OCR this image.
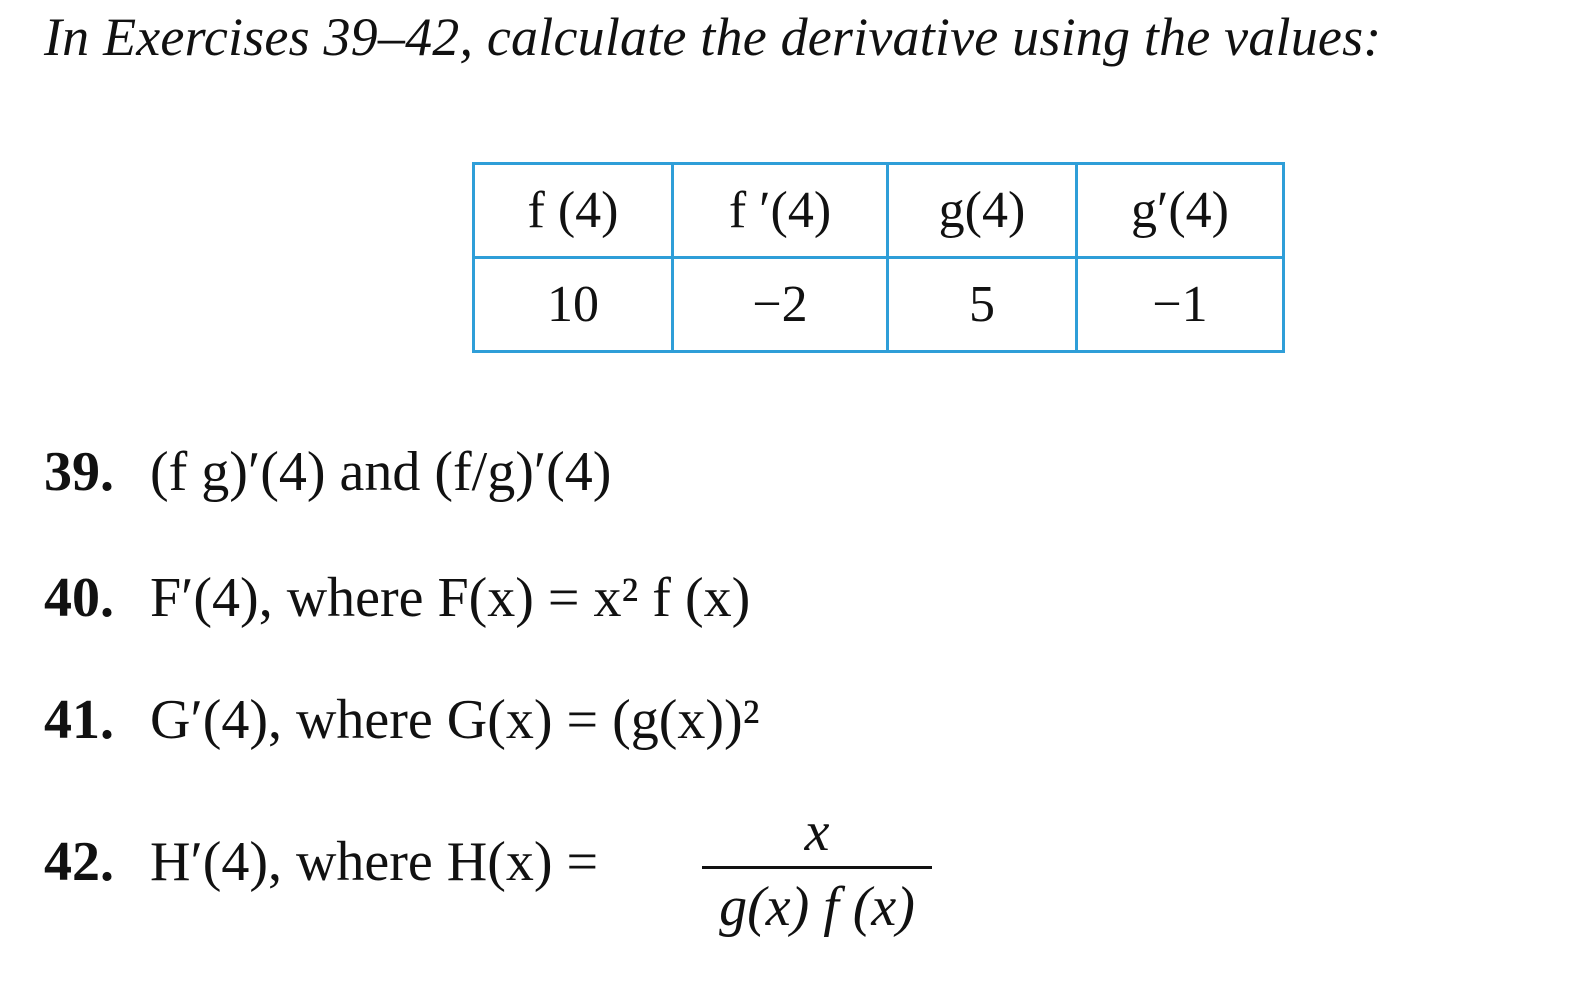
In Exercises 39–42, calculate the derivative using the values:
f (4)	f ′(4)	g(4)	g′(4)
10	−2	5	−1
39. (f g)′(4) and (f/g)′(4)
40. F′(4), where F(x) = x² f (x)
41. G′(4), where G(x) = (g(x))²
42. H′(4), where H(x) =	x
g(x) f (x)
